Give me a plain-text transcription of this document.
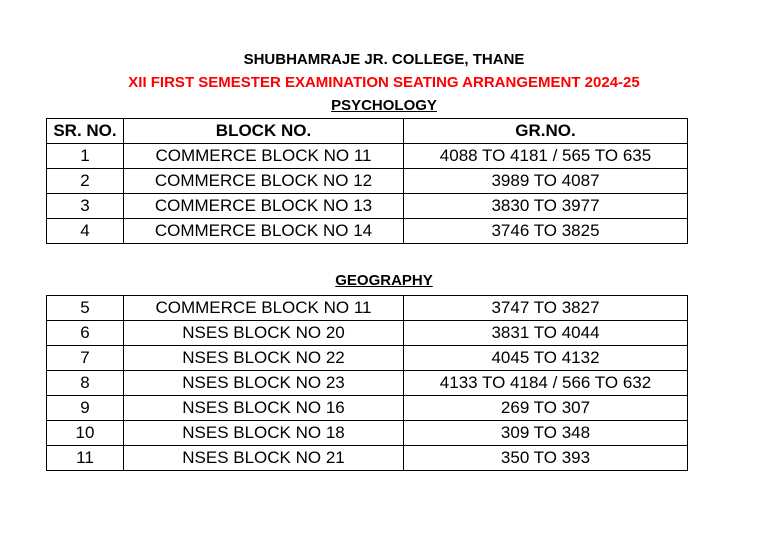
SHUBHAMRAJE JR. COLLEGE, THANE
XII FIRST SEMESTER EXAMINATION SEATING ARRANGEMENT 2024-25
PSYCHOLOGY
SR. NO.	BLOCK NO.	GR.NO.
1	COMMERCE BLOCK NO 11	4088 TO 4181 / 565 TO 635
2	COMMERCE BLOCK NO 12	3989 TO 4087
3	COMMERCE BLOCK NO 13	3830 TO 3977
4	COMMERCE BLOCK NO 14	3746 TO 3825
GEOGRAPHY
5	COMMERCE BLOCK NO 11	3747 TO 3827
6	NSES BLOCK NO 20	3831 TO 4044
7	NSES BLOCK NO 22	4045 TO 4132
8	NSES BLOCK NO 23	4133 TO 4184 / 566 TO 632
9	NSES BLOCK NO 16	269 TO 307
10	NSES BLOCK NO 18	309 TO 348
11	NSES BLOCK NO 21	350 TO 393
